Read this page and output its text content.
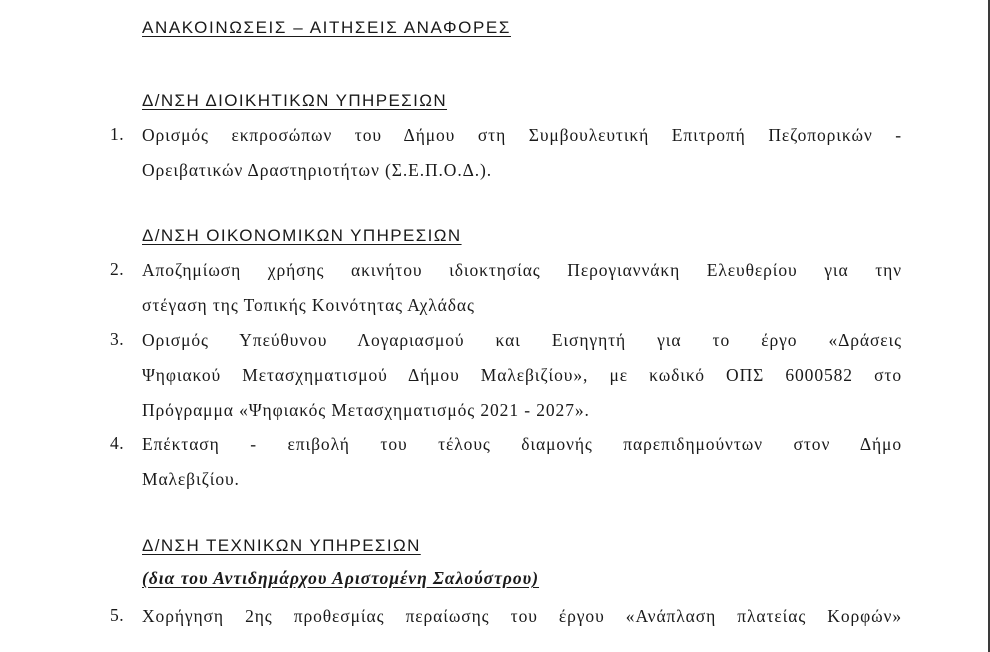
ΑΝΑΚΟΙΝΩΣΕΙΣ – ΑΙΤΗΣΕΙΣ ΑΝΑΦΟΡΕΣ
Δ/ΝΣΗ ΔΙΟΙΚΗΤΙΚΩΝ ΥΠΗΡΕΣΙΩΝ
1. Ορισμός εκπροσώπων του Δήμου στη Συμβουλευτική Επιτροπή Πεζοπορικών -
Ορειβατικών Δραστηριοτήτων (Σ.Ε.Π.Ο.Δ.).
Δ/ΝΣΗ ΟΙΚΟΝΟΜΙΚΩΝ ΥΠΗΡΕΣΙΩΝ
2. Αποζημίωση χρήσης ακινήτου ιδιοκτησίας Περογιαννάκη Ελευθερίου για την
στέγαση της Τοπικής Κοινότητας Αχλάδας
3. Ορισμός Υπεύθυνου Λογαριασμού και Εισηγητή για το έργο «Δράσεις
Ψηφιακού Μετασχηματισμού Δήμου Μαλεβιζίου», με κωδικό ΟΠΣ 6000582 στο
Πρόγραμμα «Ψηφιακός Μετασχηματισμός 2021 - 2027».
4. Επέκταση - επιβολή του τέλους διαμονής παρεπιδημούντων στον Δήμο
Μαλεβιζίου.
Δ/ΝΣΗ ΤΕΧΝΙΚΩΝ ΥΠΗΡΕΣΙΩΝ
(δια του Αντιδημάρχου Αριστομένη Σαλούστρου)
5. Χορήγηση 2ης προθεσμίας περαίωσης του έργου «Ανάπλαση πλατείας Κορφών»
